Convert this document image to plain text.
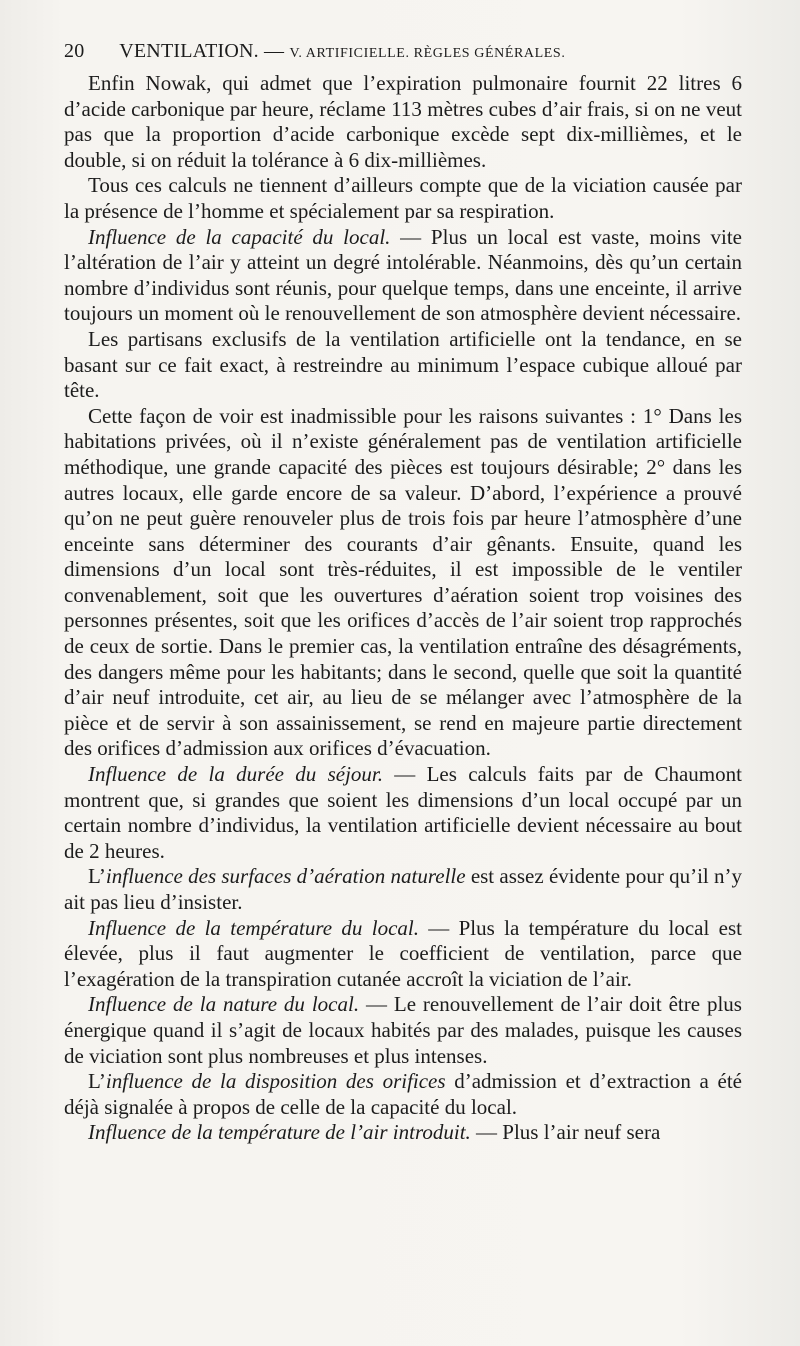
20 VENTILATION. — V. ARTIFICIELLE. RÈGLES GÉNÉRALES.

Enfin Nowak, qui admet que l’expiration pulmonaire fournit 22 litres 6 d’acide carbonique par heure, réclame 113 mètres cubes d’air frais, si on ne veut pas que la proportion d’acide carbonique excède sept dix-millièmes, et le double, si on réduit la tolérance à 6 dix-millièmes.

Tous ces calculs ne tiennent d’ailleurs compte que de la viciation causée par la présence de l’homme et spécialement par sa respiration.

Influence de la capacité du local. — Plus un local est vaste, moins vite l’altération de l’air y atteint un degré intolérable. Néanmoins, dès qu’un certain nombre d’individus sont réunis, pour quelque temps, dans une enceinte, il arrive toujours un moment où le renouvellement de son atmosphère devient nécessaire.

Les partisans exclusifs de la ventilation artificielle ont la tendance, en se basant sur ce fait exact, à restreindre au minimum l’espace cubique alloué par tête.

Cette façon de voir est inadmissible pour les raisons suivantes : 1° Dans les habitations privées, où il n’existe généralement pas de ventilation artificielle méthodique, une grande capacité des pièces est toujours désirable; 2° dans les autres locaux, elle garde encore de sa valeur. D’abord, l’expérience a prouvé qu’on ne peut guère renouveler plus de trois fois par heure l’atmosphère d’une enceinte sans déterminer des courants d’air gênants. Ensuite, quand les dimensions d’un local sont très-réduites, il est impossible de le ventiler convenablement, soit que les ouvertures d’aération soient trop voisines des personnes présentes, soit que les orifices d’accès de l’air soient trop rapprochés de ceux de sortie. Dans le premier cas, la ventilation entraîne des désagréments, des dangers même pour les habitants; dans le second, quelle que soit la quantité d’air neuf introduite, cet air, au lieu de se mélanger avec l’atmosphère de la pièce et de servir à son assainissement, se rend en majeure partie directement des orifices d’admission aux orifices d’évacuation.

Influence de la durée du séjour. — Les calculs faits par de Chaumont montrent que, si grandes que soient les dimensions d’un local occupé par un certain nombre d’individus, la ventilation artificielle devient nécessaire au bout de 2 heures.

L’influence des surfaces d’aération naturelle est assez évidente pour qu’il n’y ait pas lieu d’insister.

Influence de la température du local. — Plus la température du local est élevée, plus il faut augmenter le coefficient de ventilation, parce que l’exagération de la transpiration cutanée accroît la viciation de l’air.

Influence de la nature du local. — Le renouvellement de l’air doit être plus énergique quand il s’agit de locaux habités par des malades, puisque les causes de viciation sont plus nombreuses et plus intenses.

L’influence de la disposition des orifices d’admission et d’extraction a été déjà signalée à propos de celle de la capacité du local.

Influence de la température de l’air introduit. — Plus l’air neuf sera
